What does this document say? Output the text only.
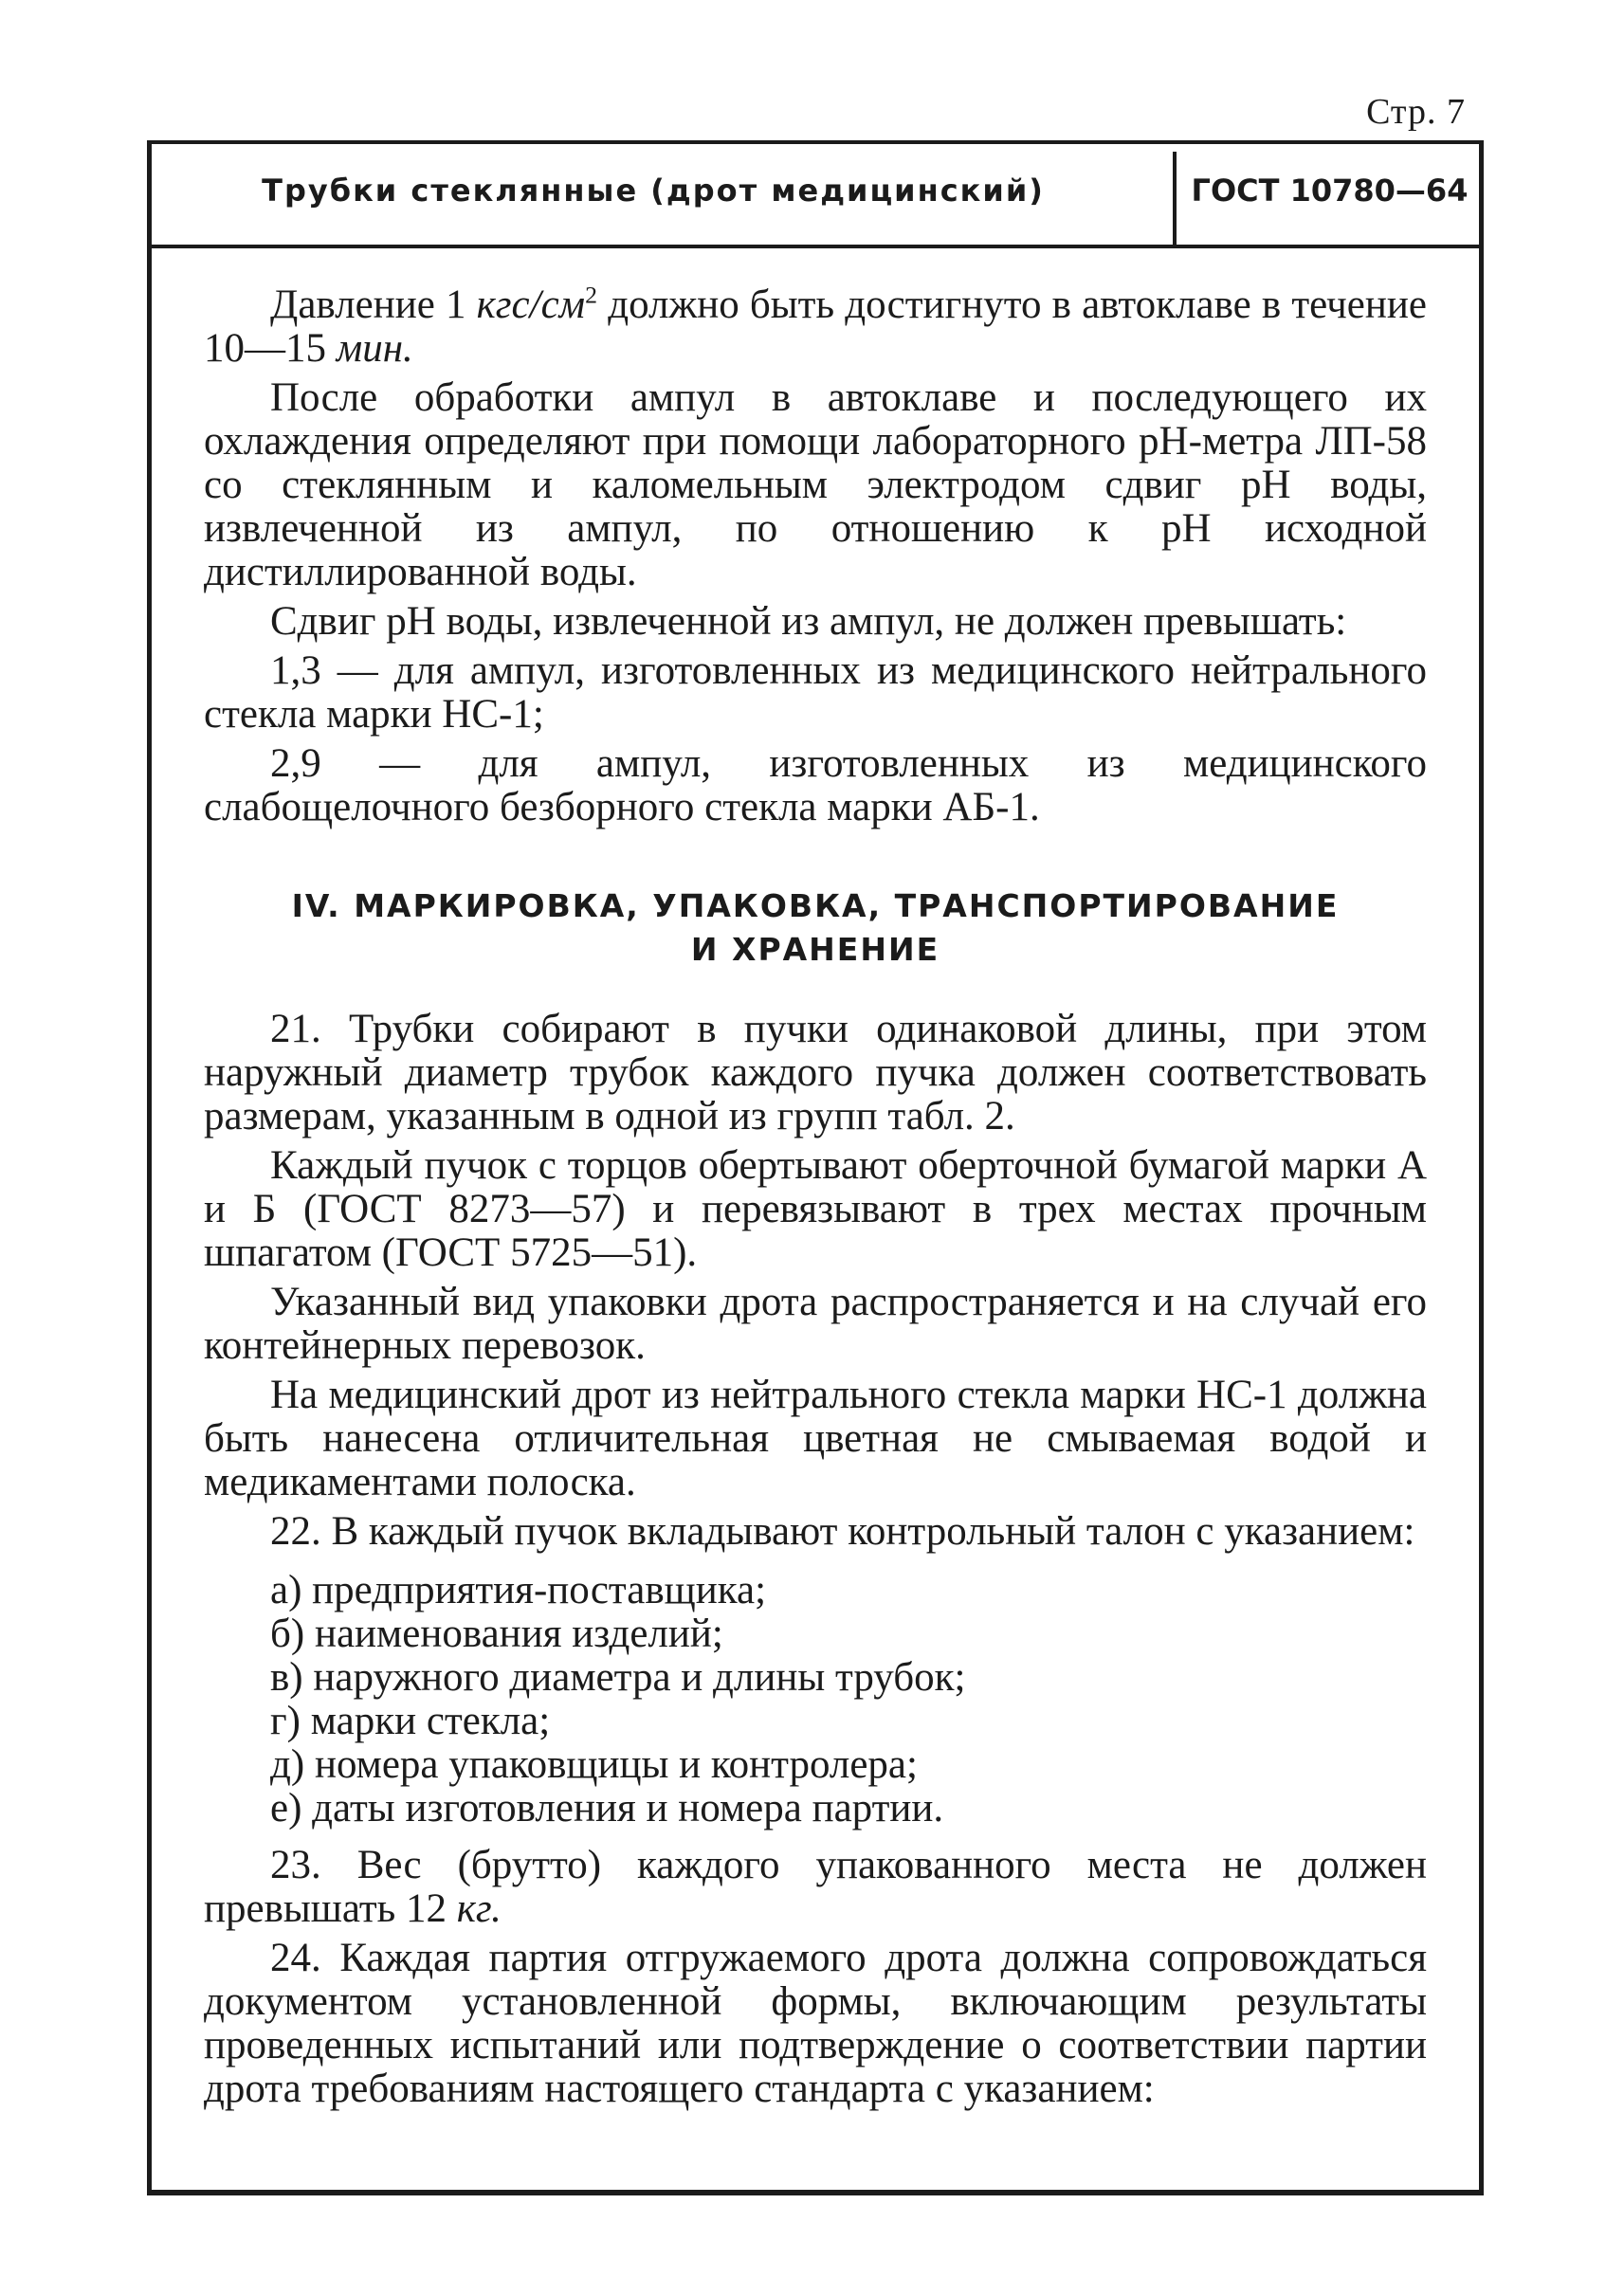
Стр. 7
Трубки стеклянные (дрот медицинский)	ГОСТ 10780—64

Давление 1 кгс/$см^2$ должно быть достигнуто в автоклаве в течение 10—15 мин.

После обработки ампул в автоклаве и последующего их охлаждения определяют при помощи лабораторного рН-метра ЛП-58 со стеклянным и каломельным электродом сдвиг рН воды, извлеченной из ампул, по отношению к рН исходной дистиллированной воды.

Сдвиг рН воды, извлеченной из ампул, не должен превышать:

1,3 — для ампул, изготовленных из медицинского нейтрального стекла марки НС-1;

2,9 — для ампул, изготовленных из медицинского слабощелочного безборного стекла марки АБ-1.

IV. МАРКИРОВКА, УПАКОВКА, ТРАНСПОРТИРОВАНИЕ
И ХРАНЕНИЕ

21. Трубки собирают в пучки одинаковой длины, при этом наружный диаметр трубок каждого пучка должен соответствовать размерам, указанным в одной из групп табл. 2.

Каждый пучок с торцов обертывают оберточной бумагой марки А и Б (ГОСТ 8273—57) и перевязывают в трех местах прочным шпагатом (ГОСТ 5725—51).

Указанный вид упаковки дрота распространяется и на случай его контейнерных перевозок.

На медицинский дрот из нейтрального стекла марки НС-1 должна быть нанесена отличительная цветная не смываемая водой и медикаментами полоска.

22. В каждый пучок вкладывают контрольный талон с указанием:

а) предприятия-поставщика;
б) наименования изделий;
в) наружного диаметра и длины трубок;
г) марки стекла;
д) номера упаковщицы и контролера;
е) даты изготовления и номера партии.

23. Вес (брутто) каждого упакованного места не должен превышать 12 кг.

24. Каждая партия отгружаемого дрота должна сопровождаться документом установленной формы, включающим результаты проведенных испытаний или подтверждение о соответствии партии дрота требованиям настоящего стандарта с указанием:
